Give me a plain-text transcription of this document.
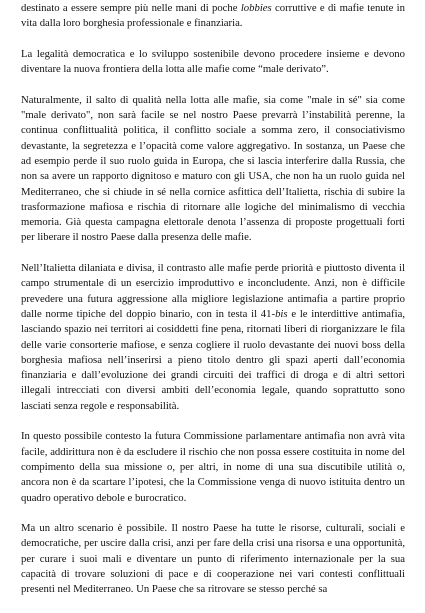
destinato a essere sempre più nelle mani di poche lobbies corruttive e di mafie tenute in vita dalla loro borghesia professionale e finanziaria.

La legalità democratica e lo sviluppo sostenibile devono procedere insieme e devono diventare la nuova frontiera della lotta alle mafie come “male derivato”.

Naturalmente, il salto di qualità nella lotta alle mafie, sia come "male in sé" sia come "male derivato", non sarà facile se nel nostro Paese prevarrà l’instabilità perenne, la continua conflittualità politica, il conflitto sociale a somma zero, il consociativismo devastante, la segretezza e l’opacità come valore aggregativo. In sostanza, un Paese che ad esempio perde il suo ruolo guida in Europa, che si lascia interferire dalla Russia, che non sa avere un rapporto dignitoso e maturo con gli USA, che non ha un ruolo guida nel Mediterraneo, che si chiude in sé nella cornice asfittica dell’Italietta, rischia di subire la trasformazione mafiosa e rischia di ritornare alle logiche del minimalismo di vecchia memoria. Già questa campagna elettorale denota l’assenza di proposte progettuali forti per liberare il nostro Paese dalla presenza delle mafie.

Nell’Italietta dilaniata e divisa, il contrasto alle mafie perde priorità e piuttosto diventa il campo strumentale di un esercizio improduttivo e inconcludente. Anzi, non è difficile prevedere una futura aggressione alla migliore legislazione antimafia a partire proprio dalle norme tipiche del doppio binario, con in testa il 41-bis e le interdittive antimafia, lasciando spazio nei territori ai cosiddetti fine pena, ritornati liberi di riorganizzare le fila delle varie consorterie mafiose, e senza cogliere il ruolo devastante dei nuovi boss della borghesia mafiosa nell’inserirsi a pieno titolo dentro gli spazi aperti dall’economia finanziaria e dall’evoluzione dei grandi circuiti dei traffici di droga e di altri settori illegali intrecciati con diversi ambiti dell’economia legale, quando soprattutto sono lasciati senza regole e responsabilità.

In questo possibile contesto la futura Commissione parlamentare antimafia non avrà vita facile, addirittura non è da escludere il rischio che non possa essere costituita in nome del compimento della sua missione o, per altri, in nome di una sua discutibile utilità o, ancora non è da scartare l’ipotesi, che la Commissione venga di nuovo istituita dentro un quadro operativo debole e burocratico.

Ma un altro scenario è possibile. Il nostro Paese ha tutte le risorse, culturali, sociali e democratiche, per uscire dalla crisi, anzi per fare della crisi una risorsa e una opportunità, per curare i suoi mali e diventare un punto di riferimento internazionale per la sua capacità di trovare soluzioni di pace e di cooperazione nei vari contesti conflittuali presenti nel Mediterraneo. Un Paese che sa ritrovare se stesso perché sa
